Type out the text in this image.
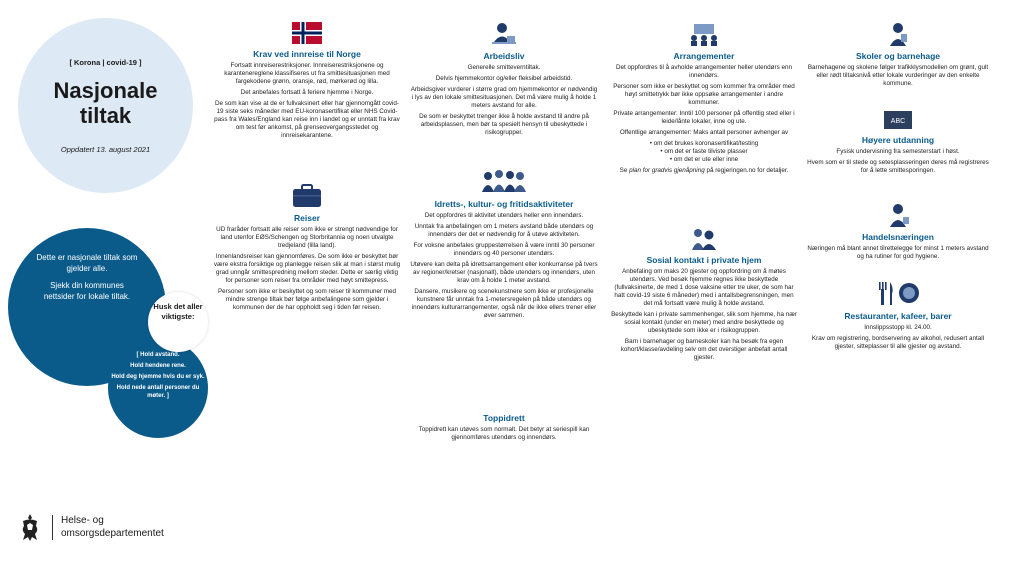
[ Korona | covid-19 ]
Nasjonale
tiltak
Oppdatert 13. august 2021

Dette er nasjonale tiltak som gjelder alle.

Sjekk din kommunes nettsider for lokale tiltak.

Husk det aller viktigste:

[ Hold avstand.

Hold hendene rene.

Hold deg hjemme hvis du er syk.

Hold nede antall personer du møter. ]

Krav ved innreise til Norge

Fortsatt innreiserestriksjoner. Innreiserestriksjonene og karantenereglene klassifiseres ut fra smittesituasjonen med fargekodene grønn, oransje, rød, mørkerød og lilla.

Det anbefales fortsatt å feriere hjemme i Norge.

De som kan vise at de er fullvaksinert eller har gjennomgått covid-19 siste seks måneder med EU-koronasertifikat eller NHS Covid-pass fra Wales/England kan reise inn i landet og er unntatt fra krav om test før ankomst, på grenseovergangsstedet og innreisekarantene.

Reiser

UD fraråder fortsatt alle reiser som ikke er strengt nødvendige for land utenfor EØS/Schengen og Storbritannia og noen utvalgte tredjeland (lilla land).

Innenlandsreiser kan gjennomføres. De som ikke er beskyttet bør være ekstra forsiktige og planlegge reisen slik at man i størst mulig grad unngår smittespredning mellom steder. Dette er særlig viktig for personer som reiser fra områder med høyt smittepress.

Personer som ikke er beskyttet og som reiser til kommuner med mindre strenge tiltak bør følge anbefalingene som gjelder i kommunen der de har oppholdt seg i tiden før reisen.

Arbeidsliv

Generelle smitteverntiltak.

Delvis hjemmekontor og/eller fleksibel arbeidstid.

Arbeidsgiver vurderer i større grad om hjemmekontor er nødvendig i lys av den lokale smittesituasjonen. Det må være mulig å holde 1 meters avstand for alle.

De som er beskyttet trenger ikke å holde avstand til andre på arbeidsplassen, men bør ta spesielt hensyn til ubeskyttede i risikogrupper.

Idretts-, kultur- og fritidsaktiviteter

Det oppfordres til aktivitet utendørs heller enn innendørs.

Unntak fra anbefalingen om 1 meters avstand både utendørs og innendørs der det er nødvendig for å utøve aktiviteten.

For voksne anbefales gruppestørrelsen å være inntil 30 personer innendørs og 40 personer utendørs.

Utøvere kan delta på idrettsarrangement eller konkurranse på tvers av regioner/kretser (nasjonalt), både utendørs og innendørs, uten krav om å holde 1 meter avstand.

Dansere, musikere og scenekunstnere som ikke er profesjonelle kunstnere får unntak fra 1-metersregelen på både utendørs og innendørs kulturarrangementer, også når de ikke ellers trener eller øver sammen.

Toppidrett

Toppidrett kan utøves som normalt. Det betyr at seriespill kan gjennomføres utendørs og innendørs.

Arrangementer

Det oppfordres til å avholde arrangementer heller utendørs enn innendørs.

Personer som ikke er beskyttet og som kommer fra områder med høyt smittetrykk bør ikke oppsøke arrangementer i andre kommuner.

Private arrangementer: Inntil 100 personer på offentlig sted eller i leide/lånte lokaler, inne og ute.

Offentlige arrangementer: Maks antall personer avhenger av

• om det brukes koronasertifikat/testing

• om det er faste tilviste plasser

• om det er ute eller inne

Se plan for gradvis gjenåpning på regjeringen.no for detaljer.

Sosial kontakt i private hjem

Anbefaling om maks 20 gjester og oppfordring om å møtes utendørs. Ved besøk hjemme regnes ikke beskyttede (fullvaksinerte, de med 1 dose vaksine etter tre uker, de som har hatt covid-19 siste 6 måneder) med i antallsbegrensningen, men det må fortsatt være mulig å holde avstand.

Beskyttede kan i private sammenhenger, slik som hjemme, ha nær sosial kontakt (under en meter) med andre beskyttede og ubeskyttede som ikke er i risikogruppen.

Barn i barnehager og barneskoler kan ha besøk fra egen kohort/klasse/avdeling selv om det overstiger anbefalt antall gjester.

Skoler og barnehage

Barnehagene og skolene følger trafikklysmodellen om grønt, gult eller rødt tiltaksnivå etter lokale vurderinger av den enkelte kommune.

ABC
Høyere utdanning

Fysisk undervisning fra semesterstart i høst.

Hvem som er til stede og setesplasseringen deres må registreres for å lette smittesporingen.

Handelsnæringen

Næringen må blant annet tilrettelegge for minst 1 meters avstand og ha rutiner for god hygiene.

Restauranter, kafeer, barer

Innslippsstopp kl. 24.00.

Krav om registrering, bordservering av alkohol, redusert antall gjester, sitteplasser til alle gjester og avstand.

Helse- og
omsorgsdepartementet
